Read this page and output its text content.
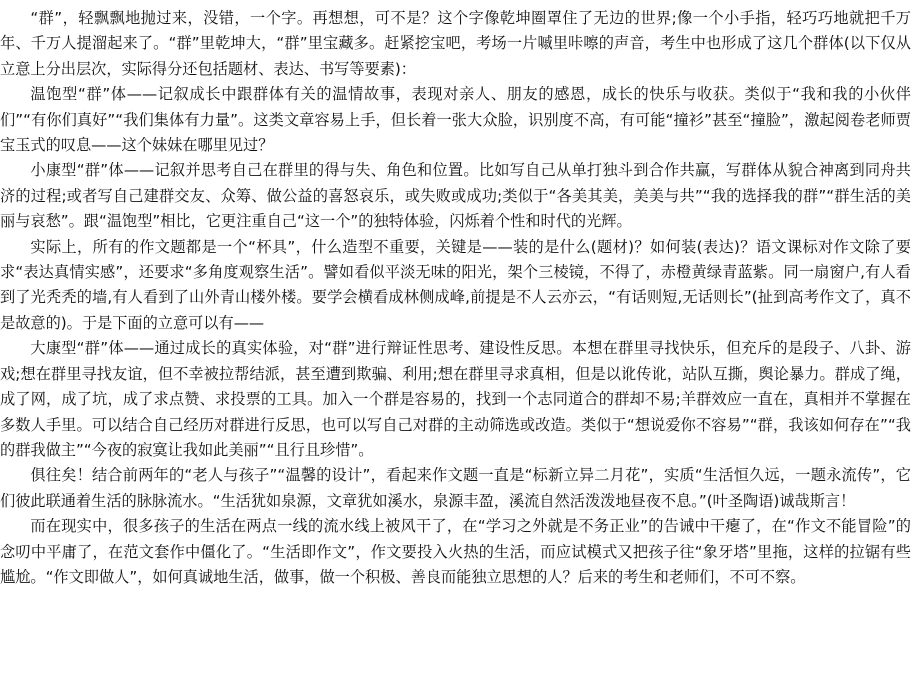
“群”，轻飘飘地抛过来，没错，一个字。再想想，可不是？这个字像乾坤圈罩住了无边的世界;像一个小手指，轻巧巧地就把千万年、千万人提溜起来了。“群”里乾坤大，“群”里宝藏多。赶紧挖宝吧，考场一片嘁里咔嚓的声音，考生中也形成了这几个群体(以下仅从立意上分出层次，实际得分还包括题材、表达、书写等要素)：

温饱型“群”体——记叙成长中跟群体有关的温情故事，表现对亲人、朋友的感恩，成长的快乐与收获。类似于“我和我的小伙伴们”“有你们真好”“我们集体有力量”。这类文章容易上手，但长着一张大众脸，识别度不高，有可能“撞衫”甚至“撞脸”，激起阅卷老师贾宝玉式的叹息——这个妹妹在哪里见过？

小康型“群”体——记叙并思考自己在群里的得与失、角色和位置。比如写自己从单打独斗到合作共赢，写群体从貌合神离到同舟共济的过程;或者写自己建群交友、众筹、做公益的喜怒哀乐，或失败或成功;类似于“各美其美，美美与共”“我的选择我的群”“群生活的美丽与哀愁”。跟“温饱型”相比，它更注重自己“这一个”的独特体验，闪烁着个性和时代的光辉。

实际上，所有的作文题都是一个“杯具”，什么造型不重要，关键是——装的是什么(题材)？如何装(表达)？语文课标对作文除了要求“表达真情实感”，还要求“多角度观察生活”。譬如看似平淡无味的阳光，架个三棱镜，不得了，赤橙黄绿青蓝紫。同一扇窗户,有人看到了光秃秃的墙,有人看到了山外青山楼外楼。要学会横看成林侧成峰,前提是不人云亦云，“有话则短,无话则长”(扯到高考作文了，真不是故意的)。于是下面的立意可以有——

大康型“群”体——通过成长的真实体验，对“群”进行辩证性思考、建设性反思。本想在群里寻找快乐，但充斥的是段子、八卦、游戏;想在群里寻找友谊，但不幸被拉帮结派，甚至遭到欺骗、利用;想在群里寻求真相，但是以讹传讹，站队互撕，舆论暴力。群成了绳，成了网，成了坑，成了求点赞、求投票的工具。加入一个群是容易的，找到一个志同道合的群却不易;羊群效应一直在，真相并不掌握在多数人手里。可以结合自己经历对群进行反思，也可以写自己对群的主动筛选或改造。类似于“想说爱你不容易”“群，我该如何存在”“我的群我做主”“今夜的寂寞让我如此美丽”“且行且珍惜”。

俱往矣！结合前两年的“老人与孩子”“温馨的设计”，看起来作文题一直是“标新立异二月花”，实质“生活恒久远，一题永流传”，它们彼此联通着生活的脉脉流水。“生活犹如泉源，文章犹如溪水，泉源丰盈，溪流自然活泼泼地昼夜不息。”(叶圣陶语)诚哉斯言！

而在现实中，很多孩子的生活在两点一线的流水线上被风干了，在“学习之外就是不务正业”的告诫中干瘪了，在“作文不能冒险”的念叨中平庸了，在范文套作中僵化了。“生活即作文”，作文要投入火热的生活，而应试模式又把孩子往“象牙塔”里拖，这样的拉锯有些尴尬。“作文即做人”，如何真诚地生活，做事，做一个积极、善良而能独立思想的人？后来的考生和老师们，不可不察。
